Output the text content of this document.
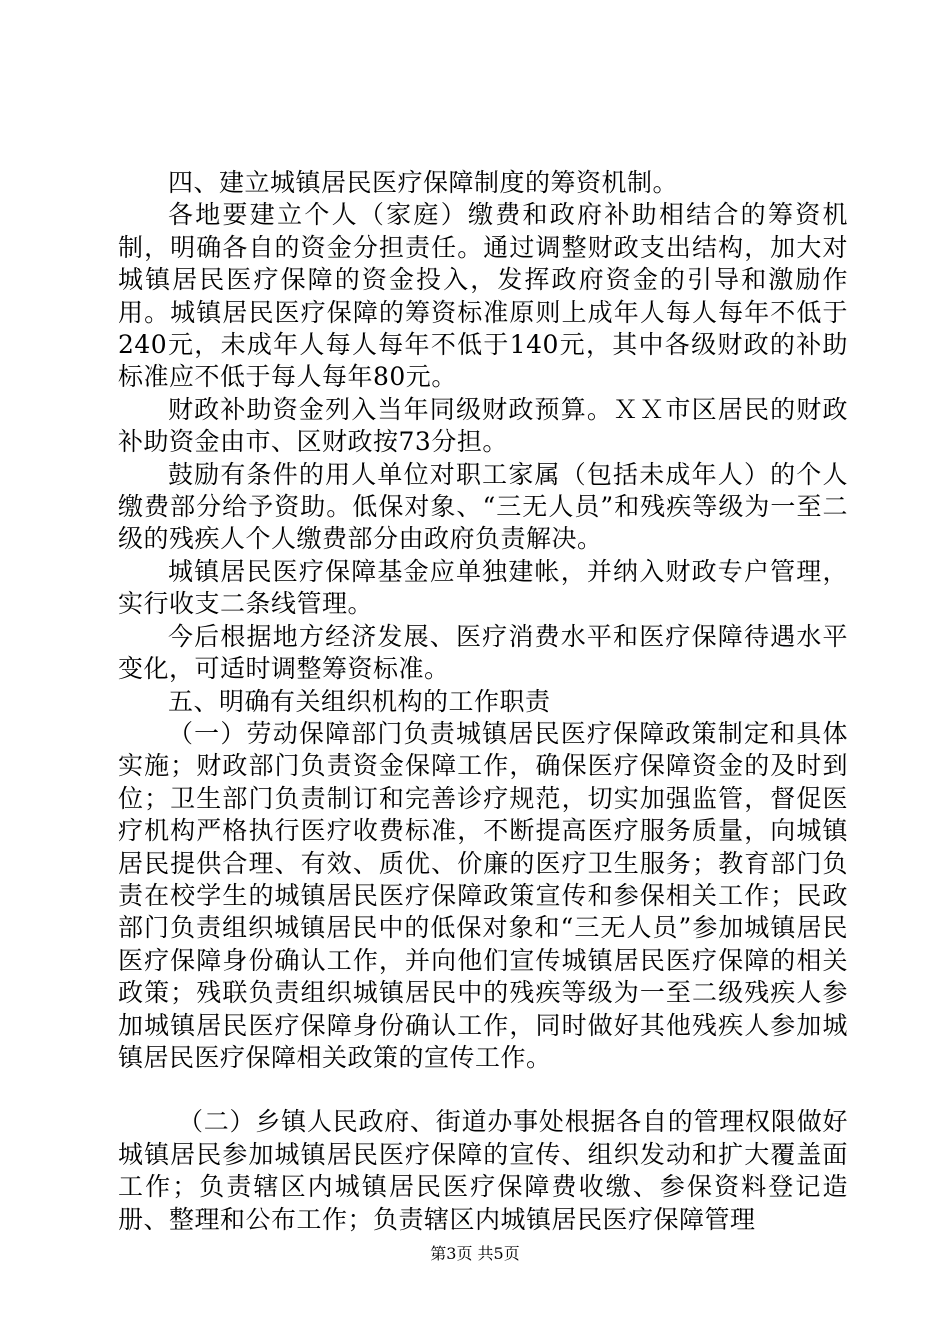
四、建立城镇居民医疗保障制度的筹资机制。

各地要建立个人（家庭）缴费和政府补助相结合的筹资机制，明确各自的资金分担责任。通过调整财政支出结构，加大对城镇居民医疗保障的资金投入，发挥政府资金的引导和激励作用。城镇居民医疗保障的筹资标准原则上成年人每人每年不低于240元，未成年人每人每年不低于140元，其中各级财政的补助标准应不低于每人每年80元。

财政补助资金列入当年同级财政预算。ＸＸ市区居民的财政补助资金由市、区财政按73分担。

鼓励有条件的用人单位对职工家属（包括未成年人）的个人缴费部分给予资助。低保对象、“三无人员”和残疾等级为一至二级的残疾人个人缴费部分由政府负责解决。

城镇居民医疗保障基金应单独建帐，并纳入财政专户管理，实行收支二条线管理。

今后根据地方经济发展、医疗消费水平和医疗保障待遇水平变化，可适时调整筹资标准。

五、明确有关组织机构的工作职责

（一）劳动保障部门负责城镇居民医疗保障政策制定和具体实施；财政部门负责资金保障工作，确保医疗保障资金的及时到位；卫生部门负责制订和完善诊疗规范，切实加强监管，督促医疗机构严格执行医疗收费标准，不断提高医疗服务质量，向城镇居民提供合理、有效、质优、价廉的医疗卫生服务；教育部门负责在校学生的城镇居民医疗保障政策宣传和参保相关工作；民政部门负责组织城镇居民中的低保对象和“三无人员”参加城镇居民医疗保障身份确认工作，并向他们宣传城镇居民医疗保障的相关政策；残联负责组织城镇居民中的残疾等级为一至二级残疾人参加城镇居民医疗保障身份确认工作，同时做好其他残疾人参加城镇居民医疗保障相关政策的宣传工作。

（二）乡镇人民政府、街道办事处根据各自的管理权限做好城镇居民参加城镇居民医疗保障的宣传、组织发动和扩大覆盖面工作；负责辖区内城镇居民医疗保障费收缴、参保资料登记造册、整理和公布工作；负责辖区内城镇居民医疗保障管理

第3页 共5页
